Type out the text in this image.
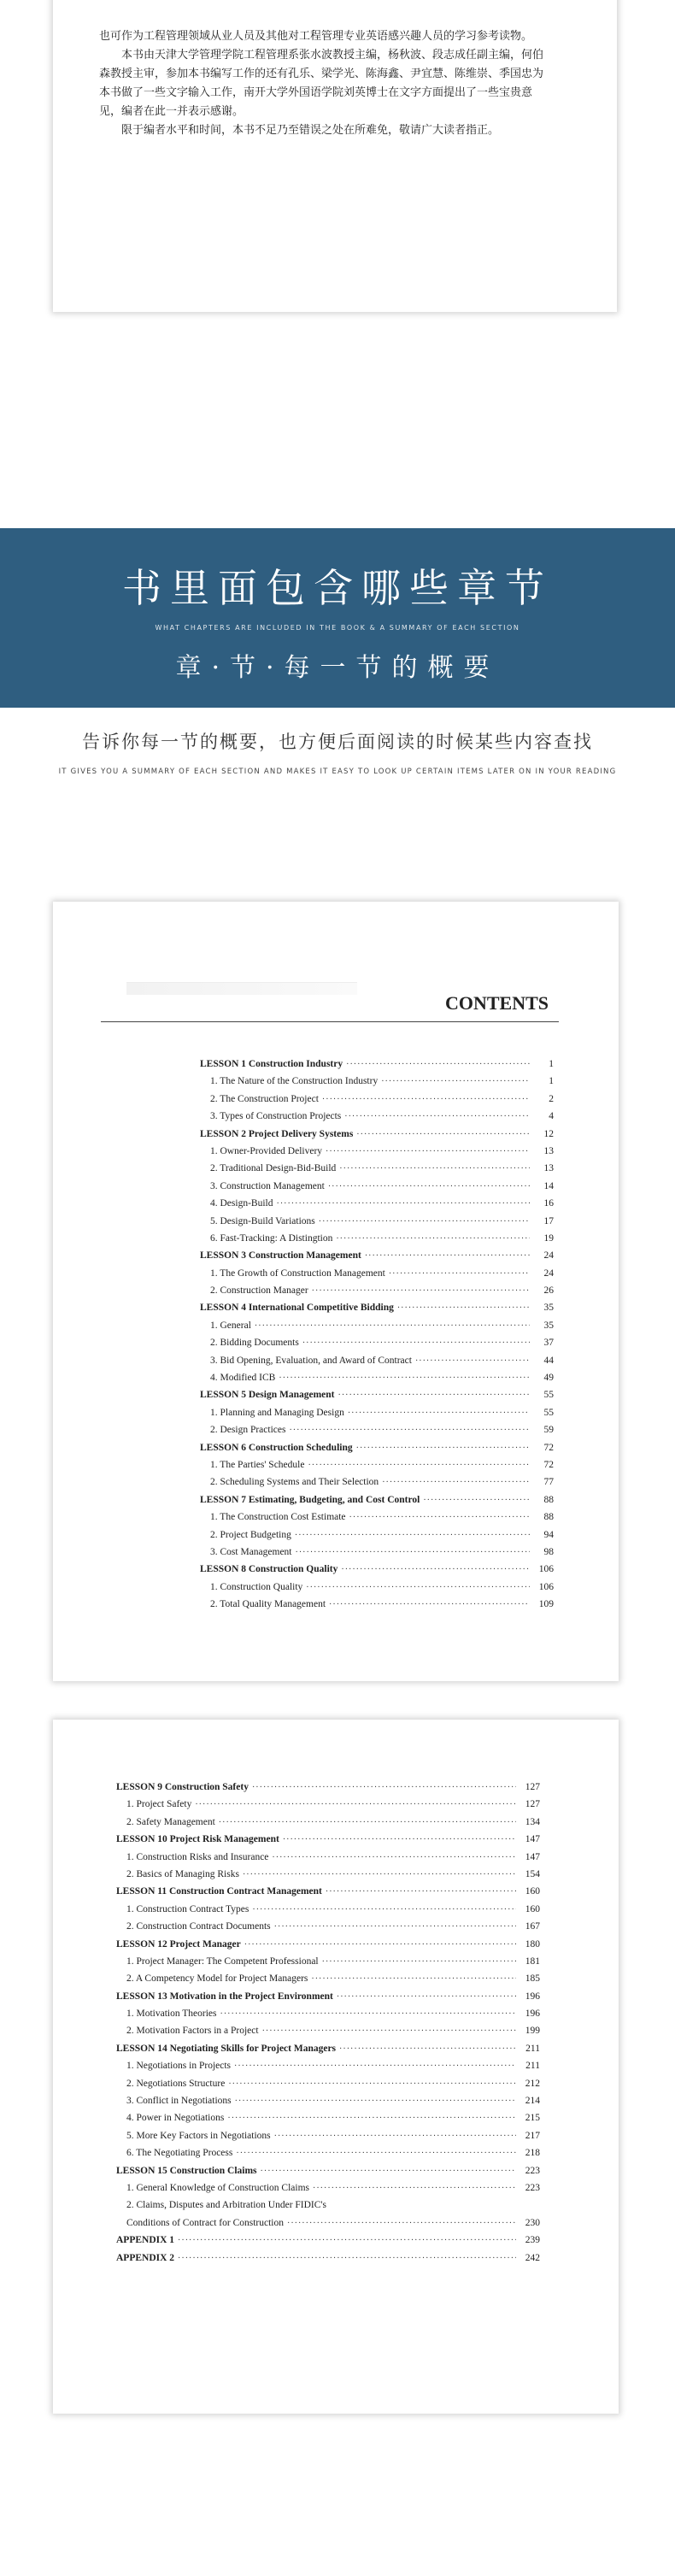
也可作为工程管理领域从业人员及其他对工程管理专业英语感兴趣人员的学习参考读物。

本书由天津大学管理学院工程管理系张水波教授主编，杨秋波、段志成任副主编，何伯森教授主审，参加本书编写工作的还有孔乐、梁学光、陈海鑫、尹宜慧、陈维崇、季国忠为本书做了一些文字输入工作，南开大学外国语学院刘英博士在文字方面提出了一些宝贵意见，编者在此一并表示感谢。

限于编者水平和时间，本书不足乃至错误之处在所难免，敬请广大读者指正。

书里面包含哪些章节
WHAT CHAPTERS ARE INCLUDED IN THE BOOK & A SUMMARY OF EACH SECTION
章·节·每一节的概要
告诉你每一节的概要，也方便后面阅读的时候某些内容查找
IT GIVES YOU A SUMMARY OF EACH SECTION AND MAKES IT EASY TO LOOK UP CERTAIN ITEMS LATER ON IN YOUR READING
CONTENTS
LESSON 1 Construction Industry ·····	1
1. The Nature of the Construction Industry ·····	1
2. The Construction Project ·····	2
3. Types of Construction Projects ·····	4
LESSON 2 Project Delivery Systems ·····	12
1. Owner-Provided Delivery ·····	13
2. Traditional Design-Bid-Build ·····	13
3. Construction Management ·····	14
4. Design-Build ·····	16
5. Design-Build Variations ·····	17
6. Fast-Tracking: A Distingtion ·····	19
LESSON 3 Construction Management ·····	24
1. The Growth of Construction Management ·····	24
2. Construction Manager ·····	26
LESSON 4 International Competitive Bidding ·····	35
1. General ·····	35
2. Bidding Documents ·····	37
3. Bid Opening, Evaluation, and Award of Contract ·····	44
4. Modified ICB ·····	49
LESSON 5 Design Management ·····	55
1. Planning and Managing Design ·····	55
2. Design Practices ·····	59
LESSON 6 Construction Scheduling ·····	72
1. The Parties' Schedule ·····	72
2. Scheduling Systems and Their Selection ·····	77
LESSON 7 Estimating, Budgeting, and Cost Control ·····	88
1. The Construction Cost Estimate ·····	88
2. Project Budgeting ·····	94
3. Cost Management ·····	98
LESSON 8 Construction Quality ·····	106
1. Construction Quality ·····	106
2. Total Quality Management ·····	109
LESSON 9 Construction Safety ·····	127
1. Project Safety ·····	127
2. Safety Management ·····	134
LESSON 10 Project Risk Management ·····	147
1. Construction Risks and Insurance ·····	147
2. Basics of Managing Risks ·····	154
LESSON 11 Construction Contract Management ·····	160
1. Construction Contract Types ·····	160
2. Construction Contract Documents ·····	167
LESSON 12 Project Manager ·····	180
1. Project Manager: The Competent Professional ·····	181
2. A Competency Model for Project Managers ·····	185
LESSON 13 Motivation in the Project Environment ·····	196
1. Motivation Theories ·····	196
2. Motivation Factors in a Project ·····	199
LESSON 14 Negotiating Skills for Project Managers ·····	211
1. Negotiations in Projects ·····	211
2. Negotiations Structure ·····	212
3. Conflict in Negotiations ·····	214
4. Power in Negotiations ·····	215
5. More Key Factors in Negotiations ·····	217
6. The Negotiating Process ·····	218
LESSON 15 Construction Claims ·····	223
1. General Knowledge of Construction Claims ·····	223
2. Claims, Disputes and Arbitration Under FIDIC's
Conditions of Contract for Construction ·····	230
APPENDIX 1 ·····	239
APPENDIX 2 ·····	242
